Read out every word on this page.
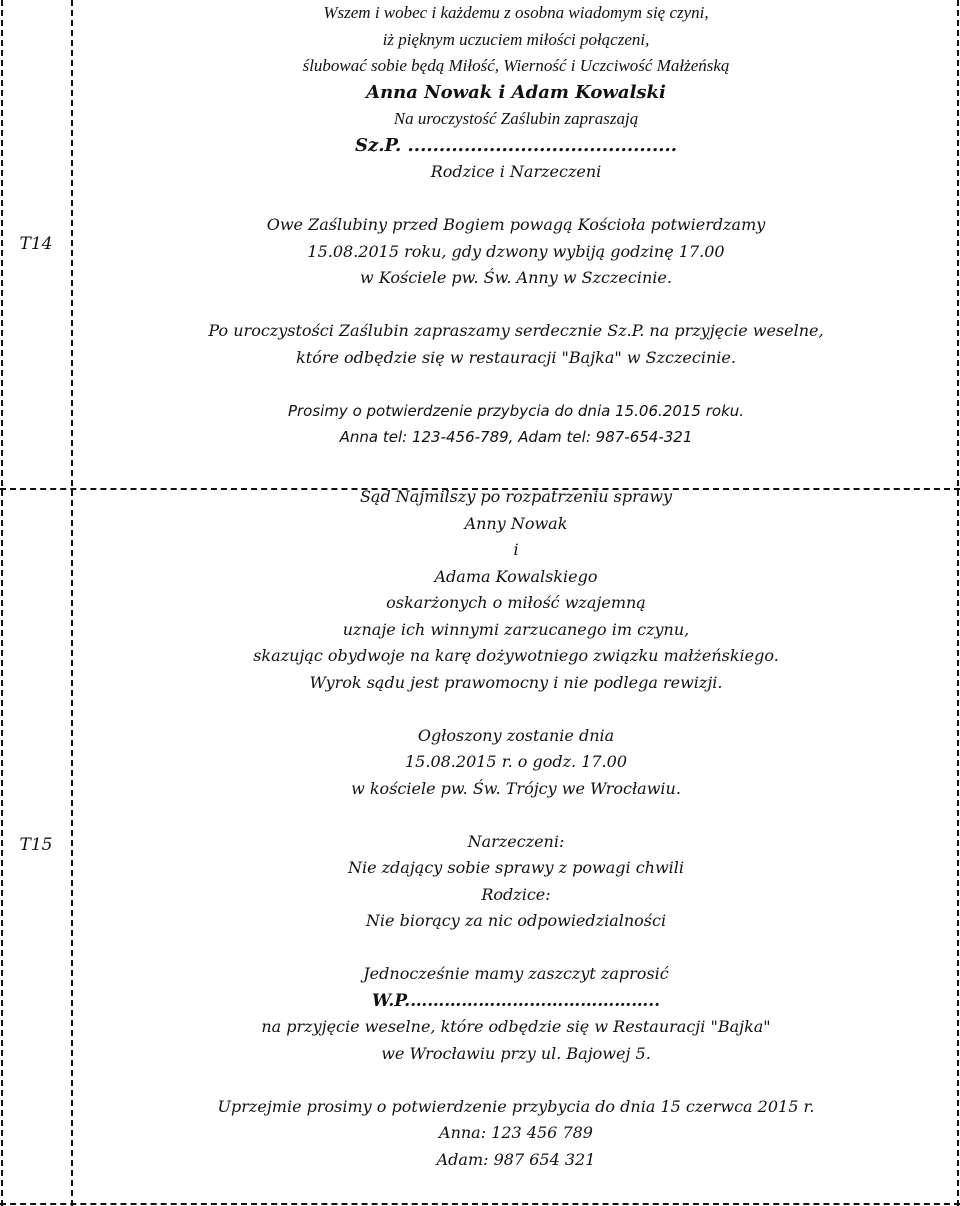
T14
T15
Wszem i wobec i każdemu z osobna wiadomym się czyni,
iż pięknym uczuciem miłości połączeni,
ślubować sobie będą Miłość, Wierność i Uczciwość Małżeńską
Anna Nowak i Adam Kowalski
Na uroczystość Zaślubin zapraszają
Sz.P. ...........................................
Rodzice i Narzeczeni
Owe Zaślubiny przed Bogiem powagą Kościoła potwierdzamy
15.08.2015 roku, gdy dzwony wybiją godzinę 17.00
w Kościele pw. Św. Anny w Szczecinie.
Po uroczystości Zaślubin zapraszamy serdecznie Sz.P. na przyjęcie weselne,
które odbędzie się w restauracji "Bajka" w Szczecinie.
Prosimy o potwierdzenie przybycia do dnia 15.06.2015 roku.
Anna tel: 123-456-789, Adam tel: 987-654-321
Sąd Najmilszy po rozpatrzeniu sprawy
Anny Nowak
i
Adama Kowalskiego
oskarżonych o miłość wzajemną
uznaje ich winnymi zarzucanego im czynu,
skazując obydwoje na karę dożywotniego związku małżeńskiego.
Wyrok sądu jest prawomocny i nie podlega rewizji.
Ogłoszony zostanie dnia
15.08.2015 r. o godz. 17.00
w kościele pw. Św. Trójcy we Wrocławiu.
Narzeczeni:
Nie zdający sobie sprawy z powagi chwili
Rodzice:
Nie biorący za nic odpowiedzialności
Jednocześnie mamy zaszczyt zaprosić
W.P.……………………………………..
na przyjęcie weselne, które odbędzie się w Restauracji "Bajka"
we Wrocławiu przy ul. Bajowej 5.
Uprzejmie prosimy o potwierdzenie przybycia do dnia 15 czerwca 2015 r.
Anna: 123 456 789
Adam: 987 654 321
